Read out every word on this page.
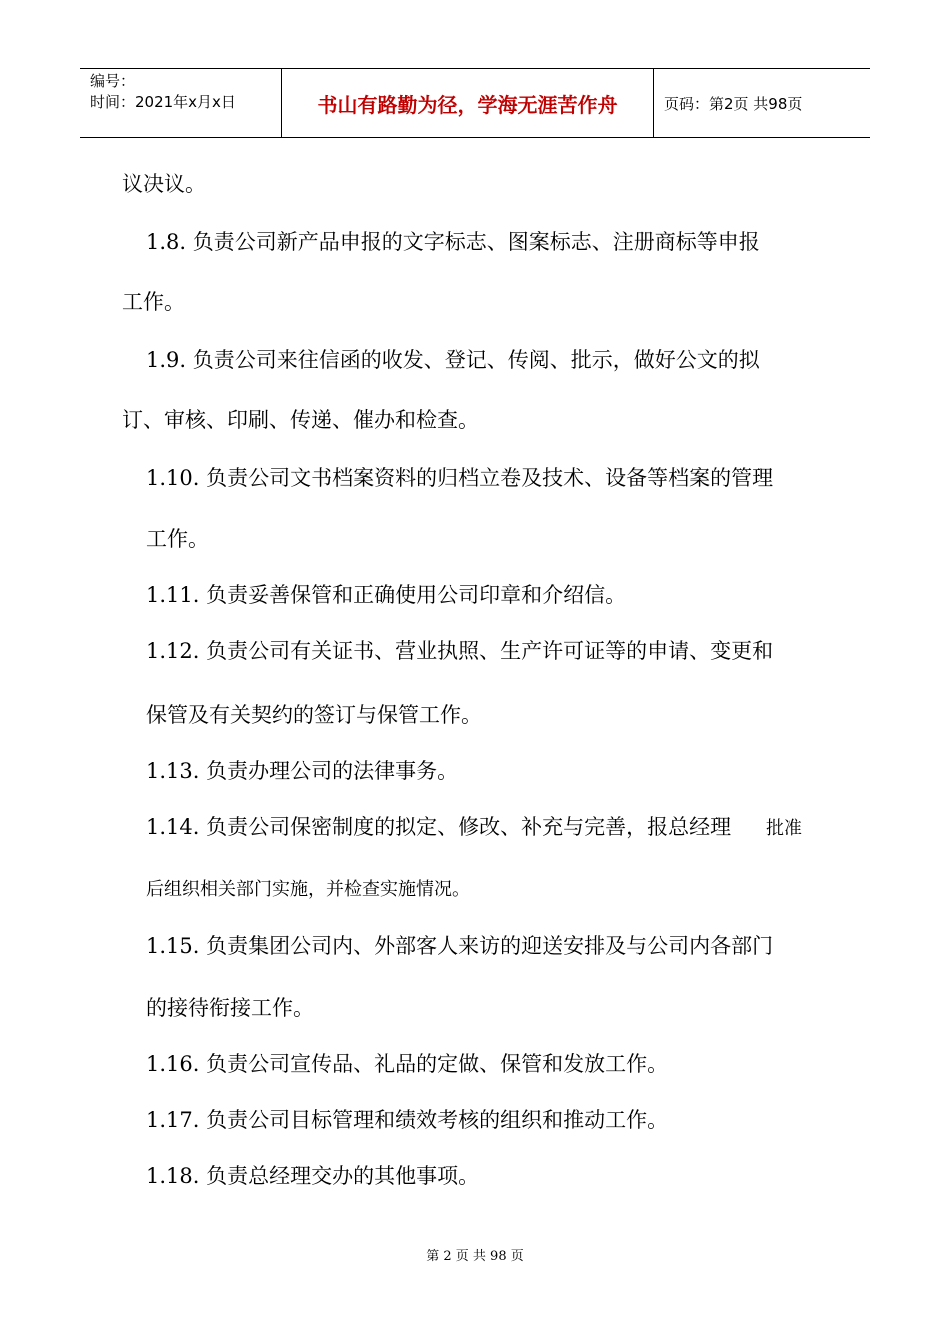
编号：
时间：2021年x月x日	书山有路勤为径，学海无涯苦作舟	页码：第2页 共98页
议决议。
1.8. 负责公司新产品申报的文字标志、图案标志、注册商标等申报
工作。
1.9. 负责公司来往信函的收发、登记、传阅、批示，做好公文的拟
订、审核、印刷、传递、催办和检查。
1.10. 负责公司文书档案资料的归档立卷及技术、设备等档案的管理
工作。
1.11. 负责妥善保管和正确使用公司印章和介绍信。
1.12. 负责公司有关证书、营业执照、生产许可证等的申请、变更和
保管及有关契约的签订与保管工作。
1.13. 负责办理公司的法律事务。
1.14. 负责公司保密制度的拟定、修改、补充与完善，报总经理 批准
后组织相关部门实施，并检查实施情况。
1.15. 负责集团公司内、外部客人来访的迎送安排及与公司内各部门
的接待衔接工作。
1.16. 负责公司宣传品、礼品的定做、保管和发放工作。
1.17. 负责公司目标管理和绩效考核的组织和推动工作。
1.18. 负责总经理交办的其他事项。
第 2 页 共 98 页
